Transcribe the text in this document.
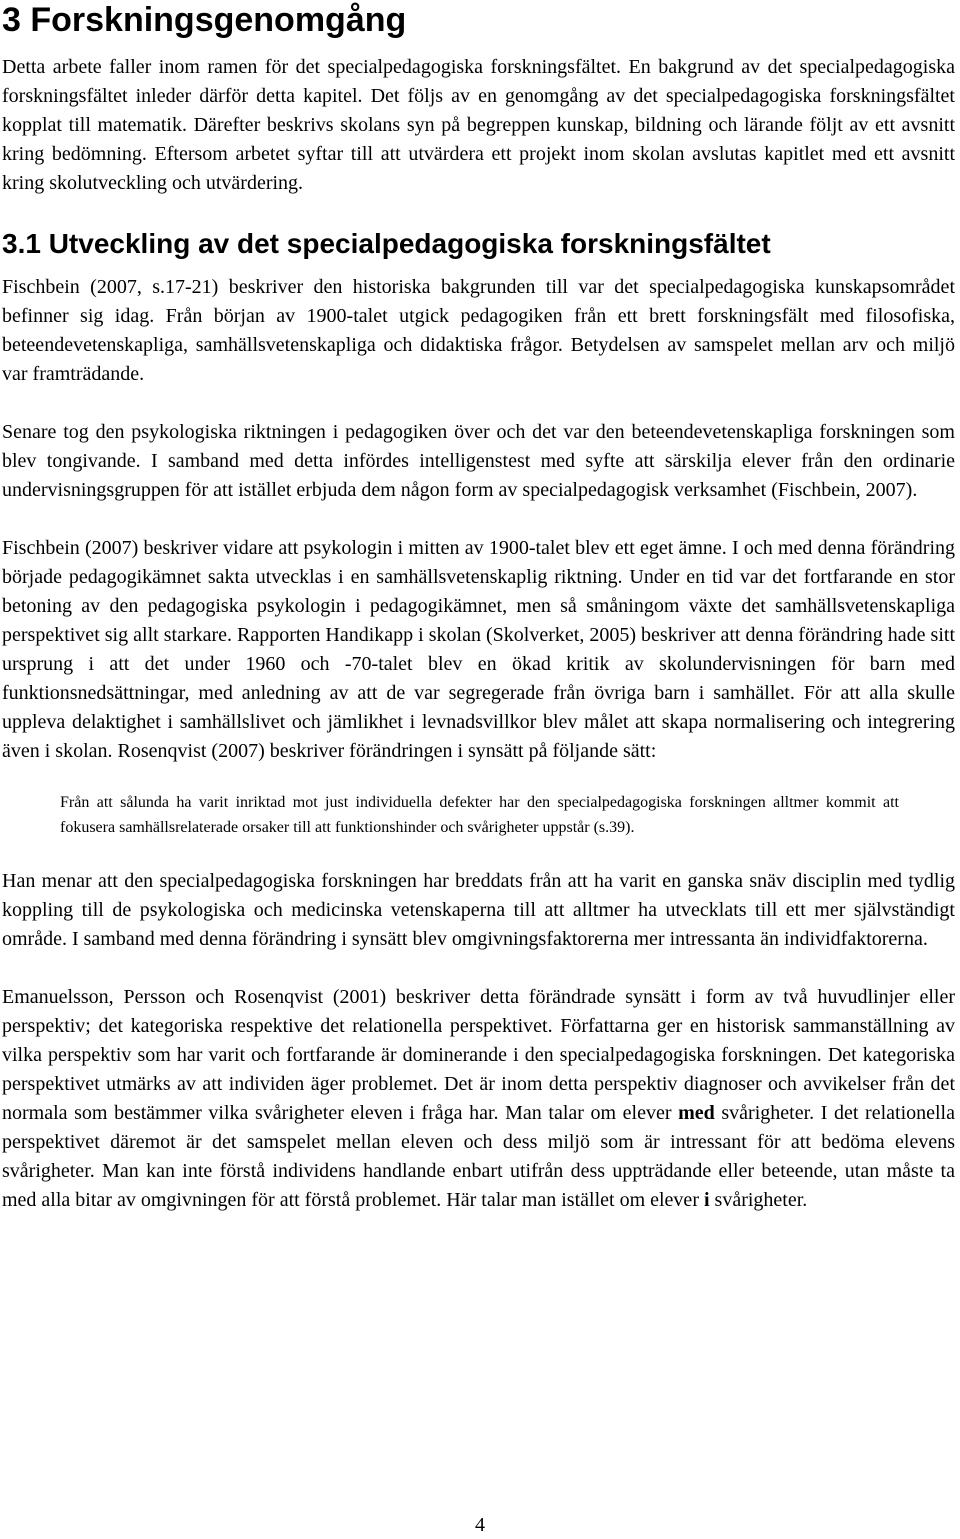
3 Forskningsgenomgång

Detta arbete faller inom ramen för det specialpedagogiska forskningsfältet. En bakgrund av det specialpedagogiska forskningsfältet inleder därför detta kapitel. Det följs av en genomgång av det specialpedagogiska forskningsfältet kopplat till matematik. Därefter beskrivs skolans syn på begreppen kunskap, bildning och lärande följt av ett avsnitt kring bedömning. Eftersom arbetet syftar till att utvärdera ett projekt inom skolan avslutas kapitlet med ett avsnitt kring skolutveckling och utvärdering.

3.1 Utveckling av det specialpedagogiska forskningsfältet

Fischbein (2007, s.17-21) beskriver den historiska bakgrunden till var det specialpedagogiska kunskapsområdet befinner sig idag. Från början av 1900-talet utgick pedagogiken från ett brett forskningsfält med filosofiska, beteendevetenskapliga, samhällsvetenskapliga och didaktiska frågor. Betydelsen av samspelet mellan arv och miljö var framträdande.

Senare tog den psykologiska riktningen i pedagogiken över och det var den beteendevetenskapliga forskningen som blev tongivande. I samband med detta infördes intelligenstest med syfte att särskilja elever från den ordinarie undervisningsgruppen för att istället erbjuda dem någon form av specialpedagogisk verksamhet (Fischbein, 2007).

Fischbein (2007) beskriver vidare att psykologin i mitten av 1900-talet blev ett eget ämne. I och med denna förändring började pedagogikämnet sakta utvecklas i en samhällsvetenskaplig riktning. Under en tid var det fortfarande en stor betoning av den pedagogiska psykologin i pedagogikämnet, men så småningom växte det samhällsvetenskapliga perspektivet sig allt starkare. Rapporten Handikapp i skolan (Skolverket, 2005) beskriver att denna förändring hade sitt ursprung i att det under 1960 och -70-talet blev en ökad kritik av skolundervisningen för barn med funktionsnedsättningar, med anledning av att de var segregerade från övriga barn i samhället. För att alla skulle uppleva delaktighet i samhällslivet och jämlikhet i levnadsvillkor blev målet att skapa normalisering och integrering även i skolan. Rosenqvist (2007) beskriver förändringen i synsätt på följande sätt:

Från att sålunda ha varit inriktad mot just individuella defekter har den specialpedagogiska forskningen alltmer kommit att fokusera samhällsrelaterade orsaker till att funktionshinder och svårigheter uppstår (s.39).

Han menar att den specialpedagogiska forskningen har breddats från att ha varit en ganska snäv disciplin med tydlig koppling till de psykologiska och medicinska vetenskaperna till att alltmer ha utvecklats till ett mer självständigt område. I samband med denna förändring i synsätt blev omgivningsfaktorerna mer intressanta än individfaktorerna.

Emanuelsson, Persson och Rosenqvist (2001) beskriver detta förändrade synsätt i form av två huvudlinjer eller perspektiv; det kategoriska respektive det relationella perspektivet. Författarna ger en historisk sammanställning av vilka perspektiv som har varit och fortfarande är dominerande i den specialpedagogiska forskningen. Det kategoriska perspektivet utmärks av att individen äger problemet. Det är inom detta perspektiv diagnoser och avvikelser från det normala som bestämmer vilka svårigheter eleven i fråga har. Man talar om elever med svårigheter. I det relationella perspektivet däremot är det samspelet mellan eleven och dess miljö som är intressant för att bedöma elevens svårigheter. Man kan inte förstå individens handlande enbart utifrån dess uppträdande eller beteende, utan måste ta med alla bitar av omgivningen för att förstå problemet. Här talar man istället om elever i svårigheter.

4
